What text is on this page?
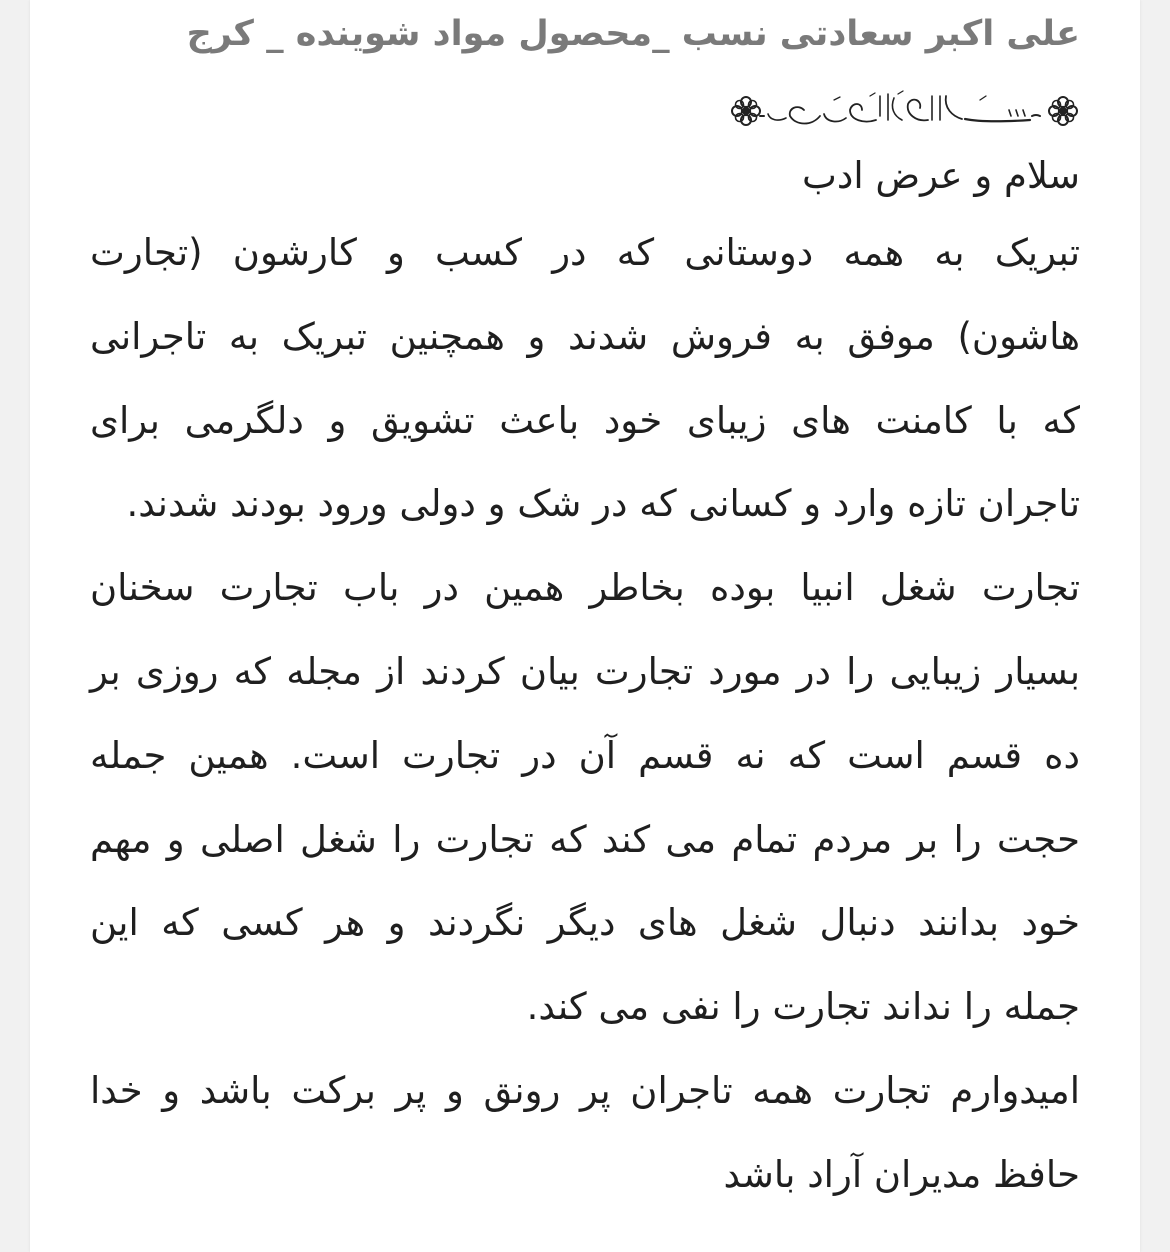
علی اکبر سعادتی نسب _محصول مواد شوینده _ کرج
سلام و عرض ادب
تبریک به همه دوستانی که در کسب و کارشون (تجارت
هاشون) موفق به فروش شدند و همچنین تبریک به تاجرانی
که با کامنت های زیبای خود باعث تشویق و دلگرمی برای
تاجران تازه وارد و کسانی که در شک و دولی ورود بودند شدند.
تجارت شغل انبیا بوده بخاطر همین در باب تجارت سخنان
بسیار زیبایی را در مورد تجارت بیان کردند از مجله که روزی بر
ده قسم است که نه قسم آن در تجارت است. همین جمله
حجت را بر مردم تمام می کند که تجارت را شغل اصلی و مهم
خود بدانند دنبال شغل های دیگر نگردند و هر کسی که این
جمله را نداند تجارت را نفی می کند.
امیدوارم تجارت همه تاجران پر رونق و پر برکت باشد و خدا
حافظ مدیران آراد باشد
